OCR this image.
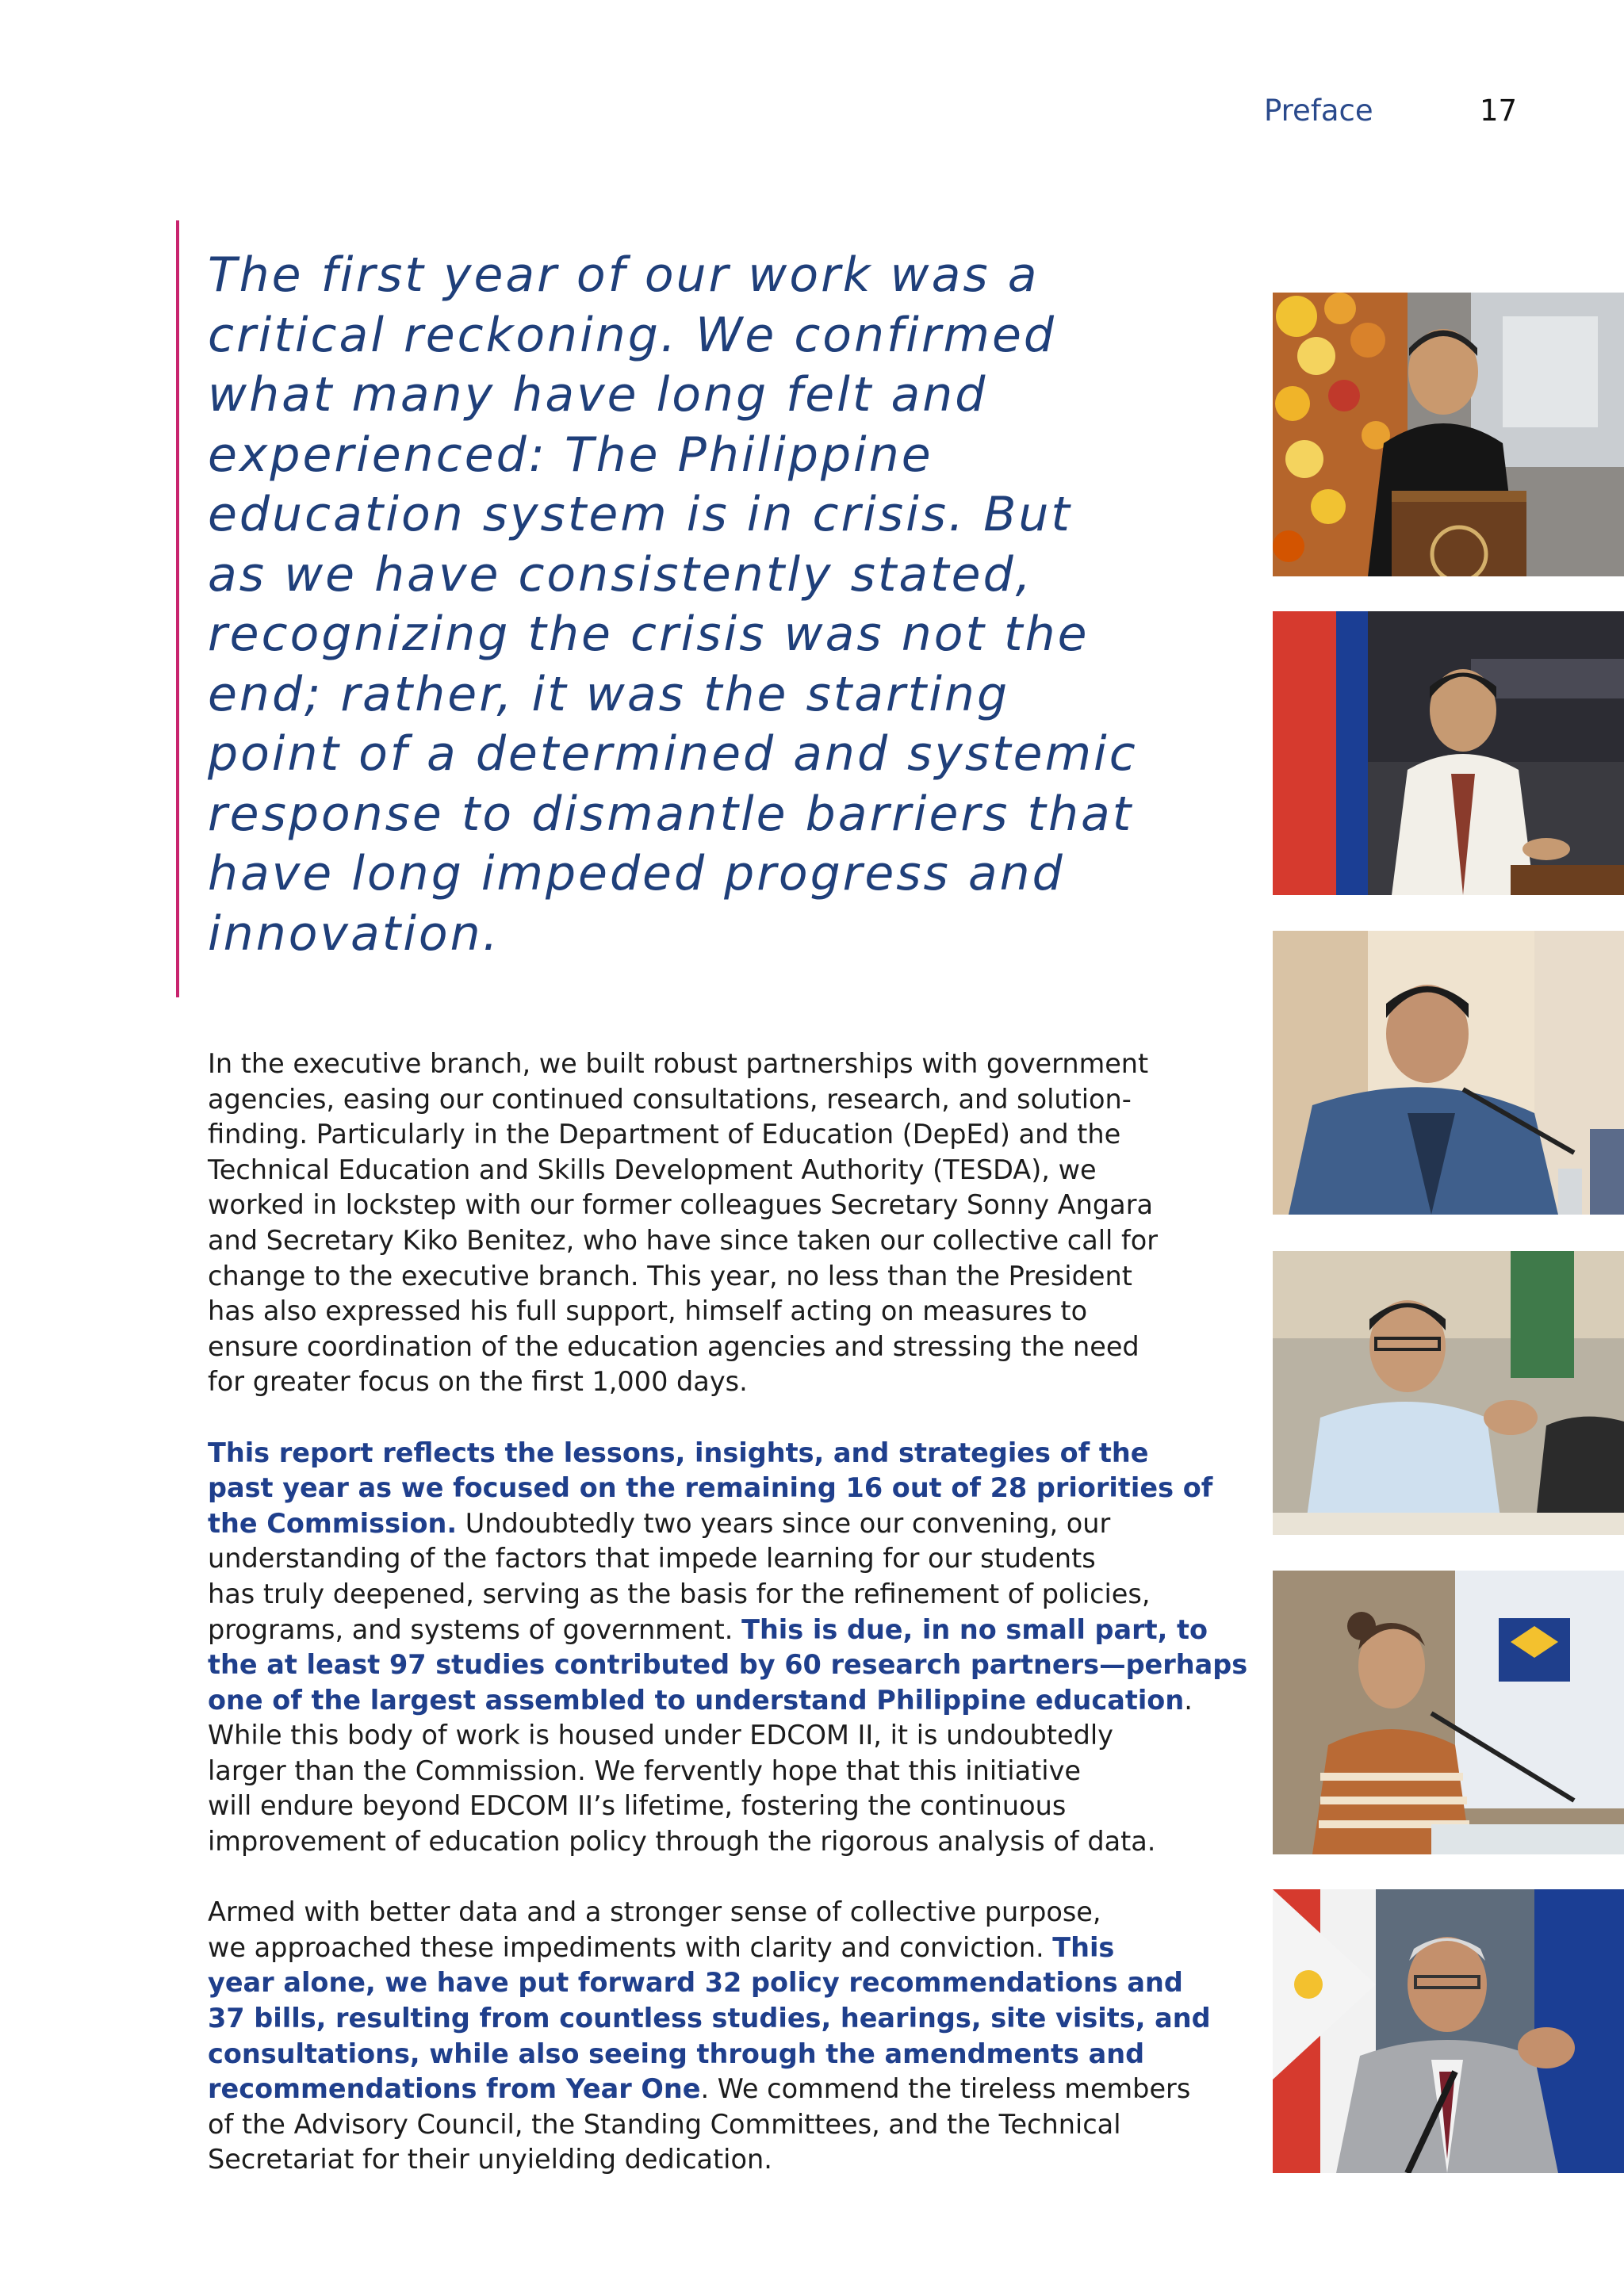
Preface	17
The first year of our work was a
critical reckoning. We confirmed
what many have long felt and
experienced: The Philippine
education system is in crisis. But
as we have consistently stated,
recognizing the crisis was not the
end; rather, it was the starting
point of a determined and systemic
response to dismantle barriers that
have long impeded progress and
innovation.

In the executive branch, we built robust partnerships with government
agencies, easing our continued consultations, research, and solution-
finding. Particularly in the Department of Education (DepEd) and the
Technical Education and Skills Development Authority (TESDA), we
worked in lockstep with our former colleagues Secretary Sonny Angara
and Secretary Kiko Benitez, who have since taken our collective call for
change to the executive branch. This year, no less than the President
has also expressed his full support, himself acting on measures to
ensure coordination of the education agencies and stressing the need
for greater focus on the first 1,000 days.

This report reflects the lessons, insights, and strategies of the
past year as we focused on the remaining 16 out of 28 priorities of
the Commission. Undoubtedly two years since our convening, our
understanding of the factors that impede learning for our students
has truly deepened, serving as the basis for the refinement of policies,
programs, and systems of government. This is due, in no small part, to
the at least 97 studies contributed by 60 research partners—perhaps
one of the largest assembled to understand Philippine education.
While this body of work is housed under EDCOM II, it is undoubtedly
larger than the Commission. We fervently hope that this initiative
will endure beyond EDCOM II’s lifetime, fostering the continuous
improvement of education policy through the rigorous analysis of data.

Armed with better data and a stronger sense of collective purpose,
we approached these impediments with clarity and conviction. This
year alone, we have put forward 32 policy recommendations and
37 bills, resulting from countless studies, hearings, site visits, and
consultations, while also seeing through the amendments and
recommendations from Year One. We commend the tireless members
of the Advisory Council, the Standing Committees, and the Technical
Secretariat for their unyielding dedication.
